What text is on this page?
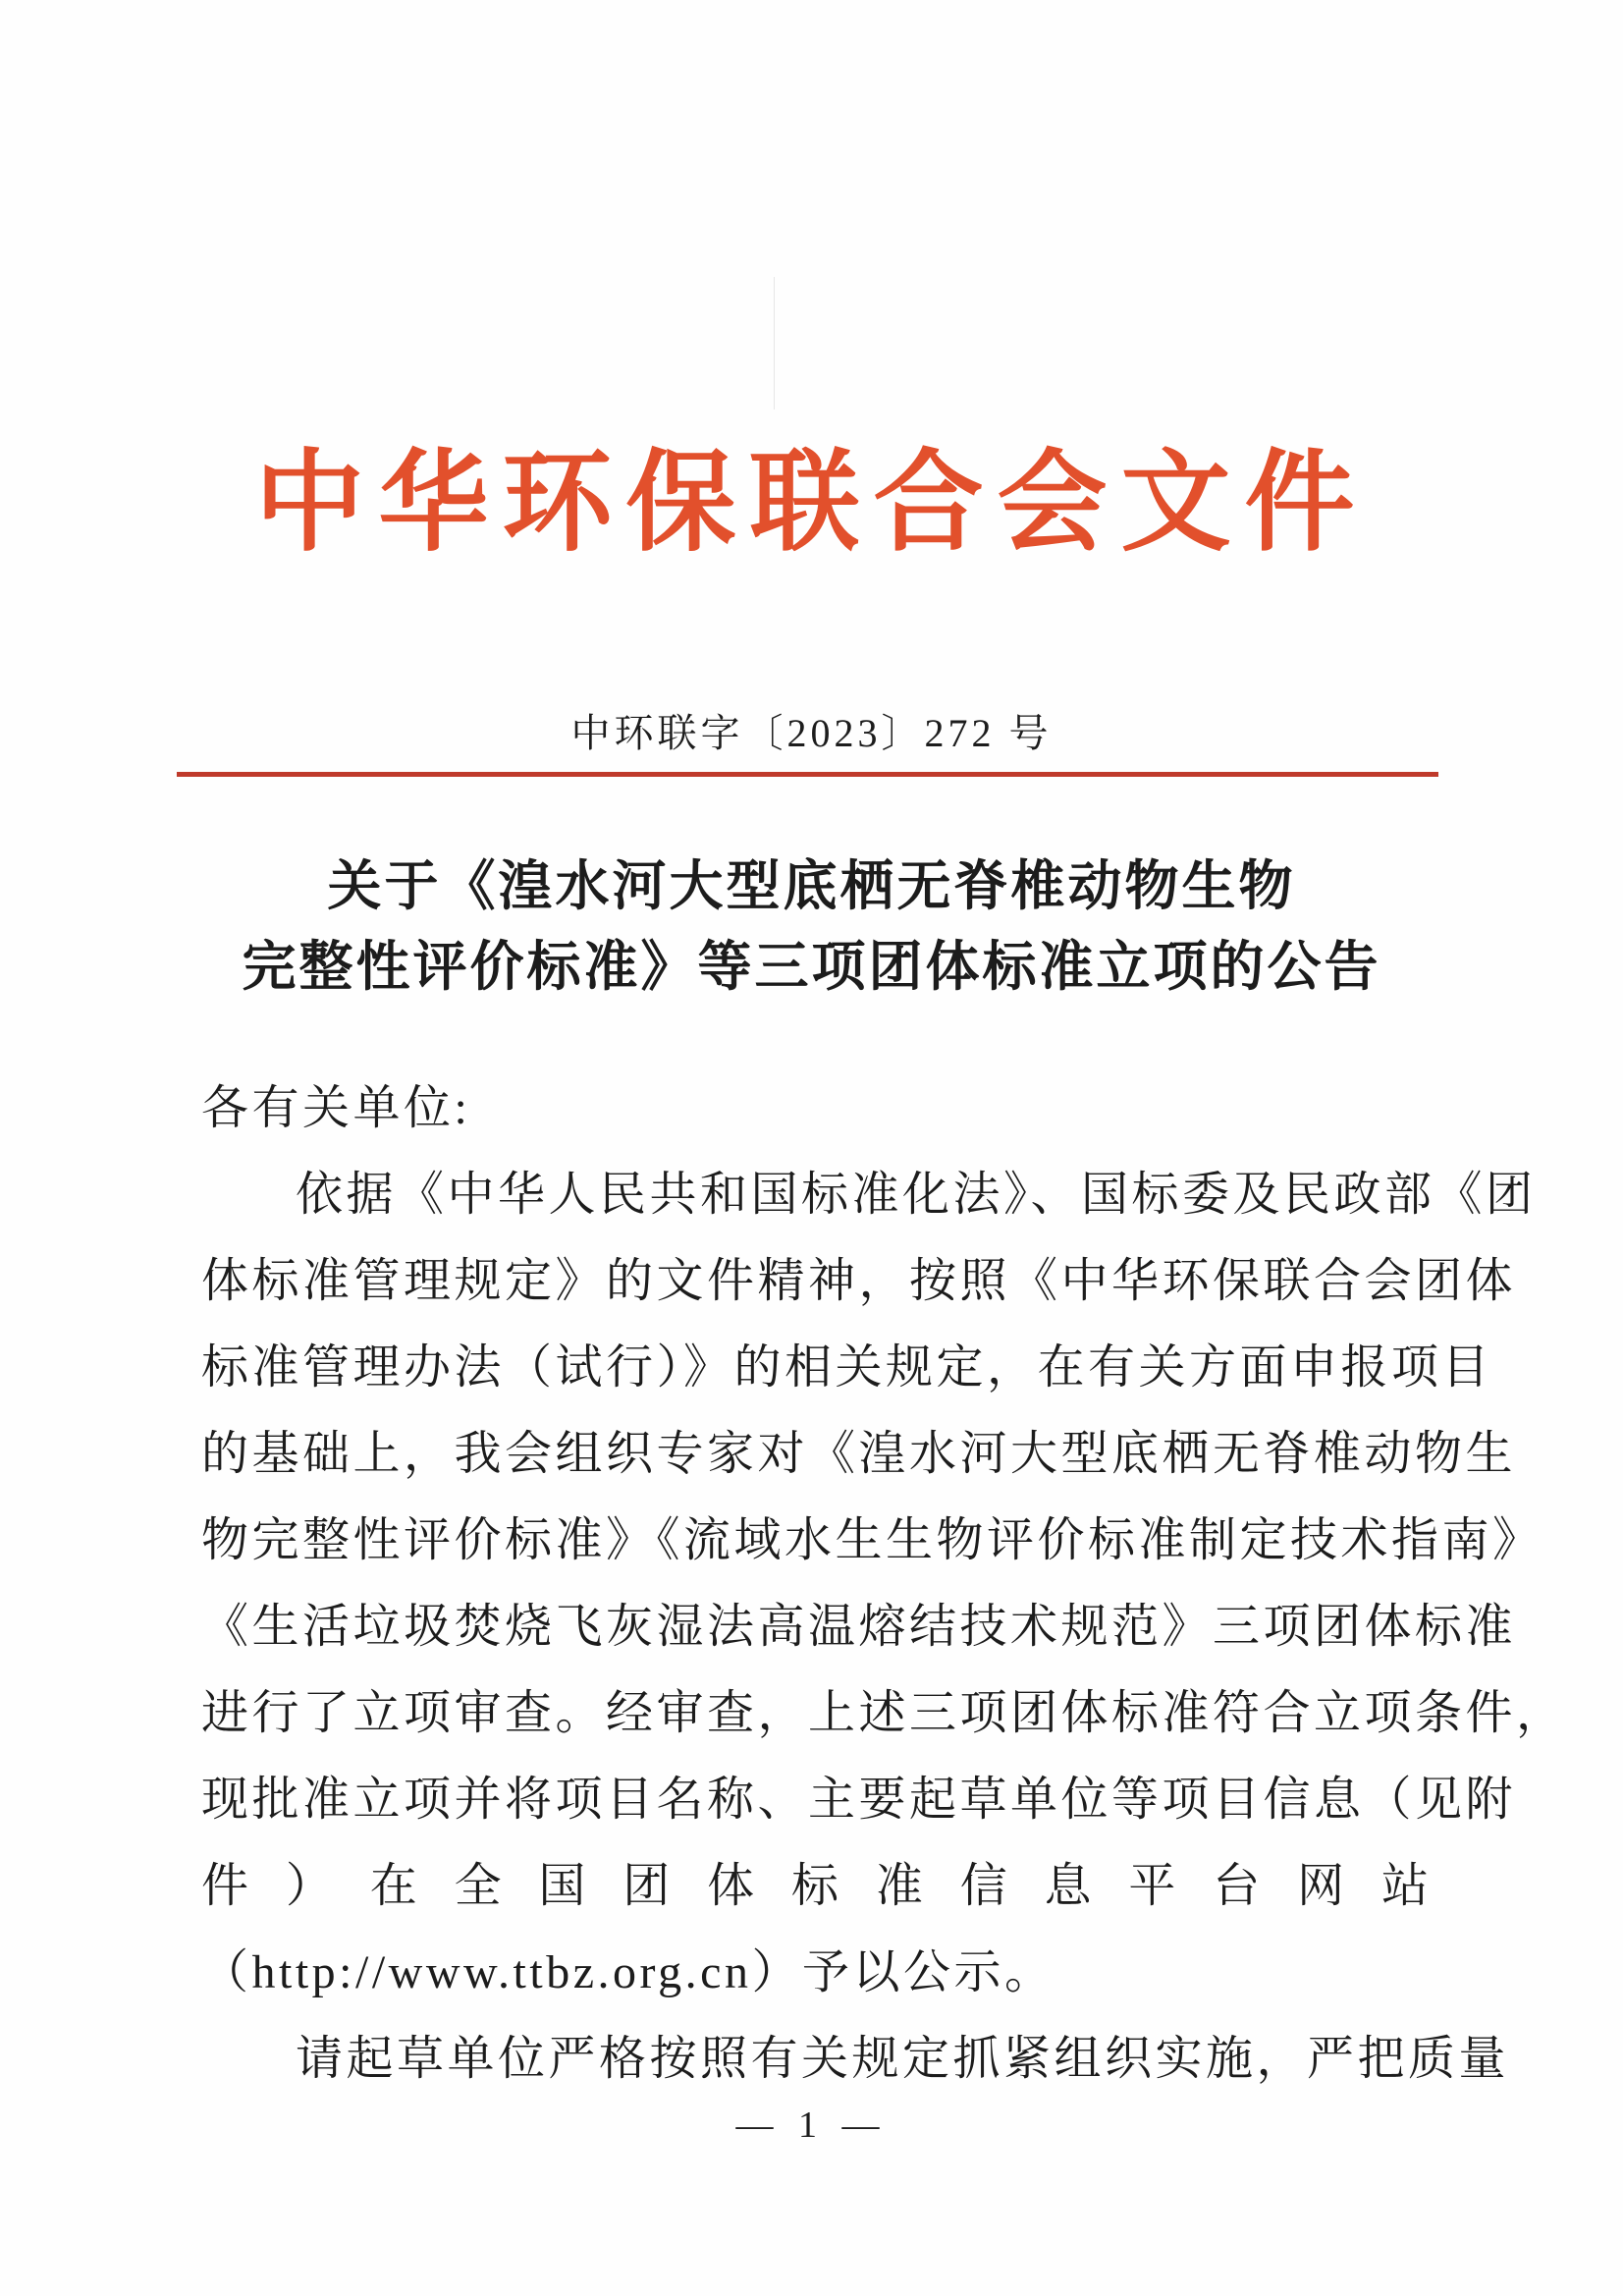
中华环保联合会文件
中环联字〔2023〕272 号
关于《湟水河大型底栖无脊椎动物生物
完整性评价标准》等三项团体标准立项的公告
各有关单位:
依据《中华人民共和国标准化法》、国标委及民政部《团
体标准管理规定》的文件精神，按照《中华环保联合会团体
标准管理办法（试行）》的相关规定，在有关方面申报项目
的基础上，我会组织专家对《湟水河大型底栖无脊椎动物生
物完整性评价标准》《流域水生生物评价标准制定技术指南》
《生活垃圾焚烧飞灰湿法高温熔结技术规范》三项团体标准
进行了立项审查。经审查，上述三项团体标准符合立项条件，
现批准立项并将项目名称、主要起草单位等项目信息（见附
件）在全国团体标准信息平台网站
（http://www.ttbz.org.cn）予以公示。
请起草单位严格按照有关规定抓紧组织实施，严把质量
— 1 —
